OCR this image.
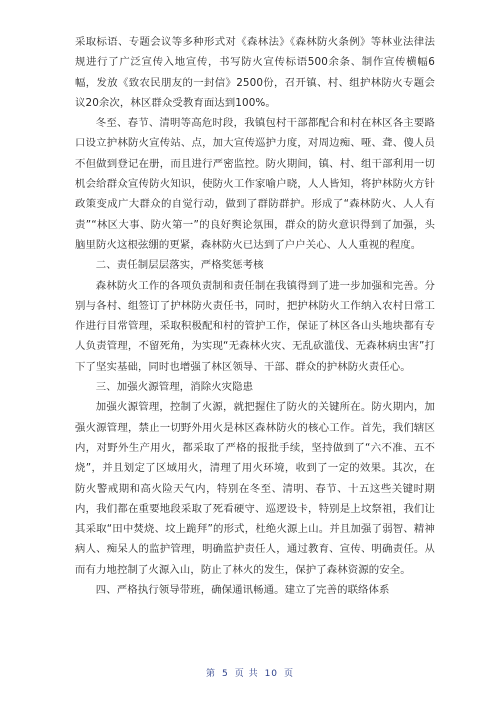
采取标语、专题会议等多种形式对《森林法》《森林防火条例》等林业法律法规进行了广泛宣传入地宣传，书写防火宣传标语500余条、制作宣传横幅6幅，发放《致农民朋友的一封信》2500份，召开镇、村、组护林防火专题会议20余次，林区群众受教育面达到100%。

冬至、春节、清明等高危时段，我镇包村干部都配合和村在林区各主要路口设立护林防火宣传站、点，加大宣传巡护力度，对周边痴、哑、聋、傻人员不但做到登记在册，而且进行严密监控。防火期间，镇、村、组干部利用一切机会给群众宣传防火知识，使防火工作家喻户晓，人人皆知，将护林防火方针政策变成广大群众的自觉行动，做到了群防群护。形成了“森林防火、人人有责”“林区大事、防火第一”的良好舆论氛围，群众的防火意识得到了加强，头脑里防火这根弦绷的更紧，森林防火已达到了户户关心、人人重视的程度。

二、责任制层层落实，严格奖惩考核

森林防火工作的各项负责制和责任制在我镇得到了进一步加强和完善。分别与各村、组签订了护林防火责任书，同时，把护林防火工作纳入农村日常工作进行目常管理，采取积极配和村的管护工作，保证了林区各山头地块都有专人负责管理，不留死角，为实现“无森林火灾、无乱砍滥伐、无森林病虫害”打下了坚实基础，同时也增强了林区领导、干部、群众的护林防火责任心。

三、加强火源管理，消除火灾隐患

加强火源管理，控制了火源，就把握住了防火的关键所在。防火期内，加强火源管理，禁止一切野外用火是林区森林防火的核心工作。首先，我们辖区内，对野外生产用火，都采取了严格的报批手续，坚持做到了“六不准、五不烧”，并且划定了区域用火，清理了用火环境，收到了一定的效果。其次，在防火警戒期和高火险天气内，特别在冬至、清明、春节、十五这些关键时期内，我们都在重要地段采取了死看硬守、巡逻设卡，特别是上坟祭祖，我们让其采取“田中焚烧、坟上跪拜”的形式，杜绝火源上山。并且加强了弱智、精神病人、痴呆人的监护管理，明确监护责任人，通过教育、宣传、明确责任。从而有力地控制了火源入山，防止了林火的发生，保护了森林资源的安全。

四、严格执行领导带班，确保通讯畅通。建立了完善的联络体系

第 5 页 共 10 页
